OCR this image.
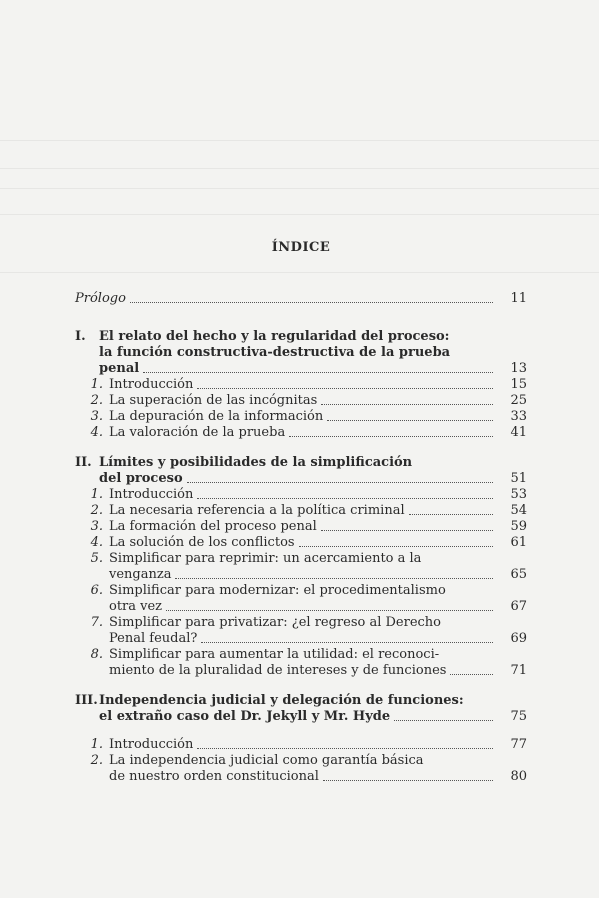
ÍNDICE
Prólogo	11
I.	El relato del hecho y la regularidad del proceso:
la función constructiva-destructiva de la prueba
penal	13
1. Introducción	15
2. La superación de las incógnitas	25
3. La depuración de la información	33
4. La valoración de la prueba	41
II. Límites y posibilidades de la simplificación
del proceso	51
1. Introducción	53
2. La necesaria referencia a la política criminal	54
3. La formación del proceso penal	59
4. La solución de los conflictos	61
5. Simplificar para reprimir: un acercamiento a la
venganza	65
6. Simplificar para modernizar: el procedimentalismo
otra vez	67
7. Simplificar para privatizar: ¿el regreso al Derecho
Penal feudal?	69
8. Simplificar para aumentar la utilidad: el reconoci-
miento de la pluralidad de intereses y de funciones	71
III. Independencia judicial y delegación de funciones:
el extraño caso del Dr. Jekyll y Mr. Hyde	75
1. Introducción	77
2. La independencia judicial como garantía básica
de nuestro orden constitucional	80
